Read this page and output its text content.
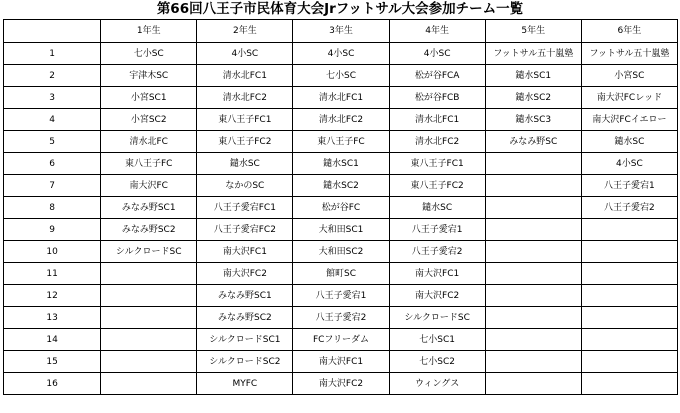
第66回八王子市民体育大会Jrフットサル大会参加チーム一覧
	1年生	2年生	3年生	4年生	5年生	6年生
1	七小SC	4小SC	4小SC	4小SC	フットサル五十嵐塾	フットサル五十嵐塾
2	宇津木SC	清水北FC1	七小SC	松が谷FCA	鑓水SC1	小宮SC
3	小宮SC1	清水北FC2	清水北FC1	松が谷FCB	鑓水SC2	南大沢FCレッド
4	小宮SC2	東八王子FC1	清水北FC2	清水北FC1	鑓水SC3	南大沢FCイエロー
5	清水北FC	東八王子FC2	東八王子FC	清水北FC2	みなみ野SC	鑓水SC
6	東八王子FC	鑓水SC	鑓水SC1	東八王子FC1		4小SC
7	南大沢FC	なかのSC	鑓水SC2	東八王子FC2		八王子愛宕1
8	みなみ野SC1	八王子愛宕FC1	松が谷FC	鑓水SC		八王子愛宕2
9	みなみ野SC2	八王子愛宕FC2	大和田SC1	八王子愛宕1		
10	シルクロードSC	南大沢FC1	大和田SC2	八王子愛宕2		
11		南大沢FC2	館町SC	南大沢FC1		
12		みなみ野SC1	八王子愛宕1	南大沢FC2		
13		みなみ野SC2	八王子愛宕2	シルクロードSC		
14		シルクロードSC1	FCフリーダム	七小SC1		
15		シルクロードSC2	南大沢FC1	七小SC2		
16		MYFC	南大沢FC2	ウィングス		
